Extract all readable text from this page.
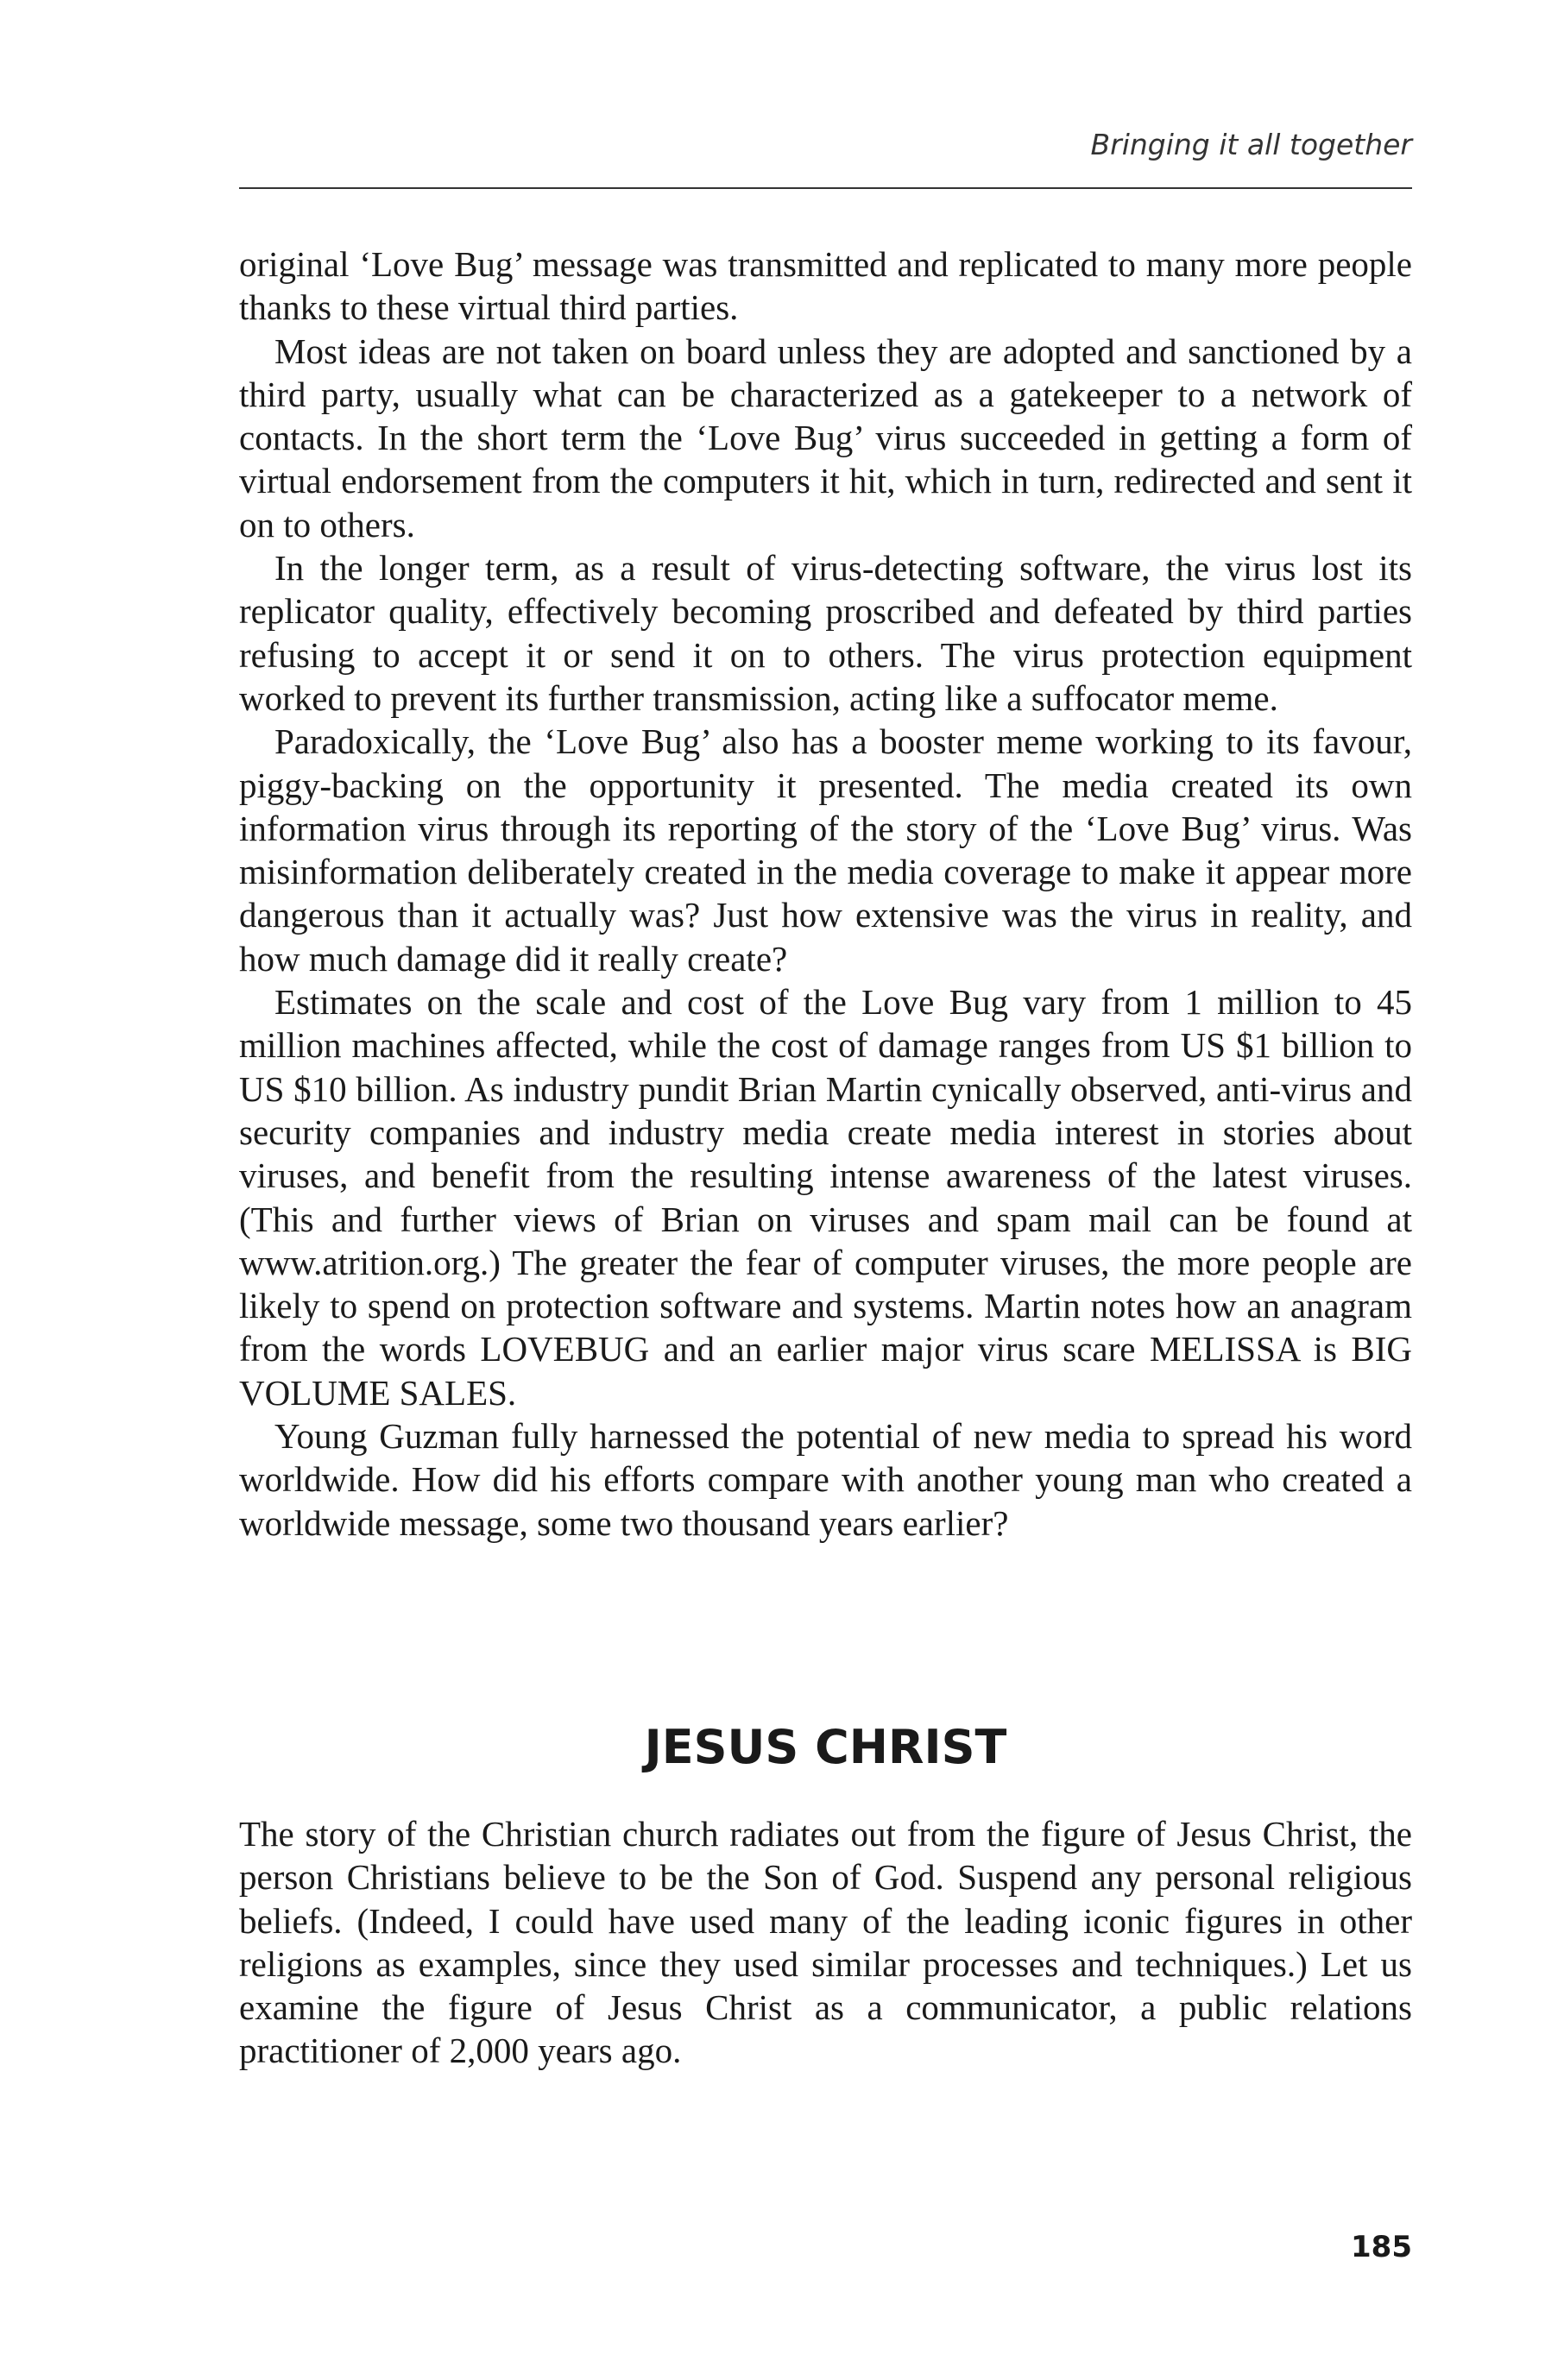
Bringing it all together

original ‘Love Bug’ message was transmitted and replicated to many more people thanks to these virtual third parties.

Most ideas are not taken on board unless they are adopted and sanctioned by a third party, usually what can be characterized as a gatekeeper to a network of contacts. In the short term the ‘Love Bug’ virus succeeded in getting a form of virtual endorsement from the computers it hit, which in turn, redirected and sent it on to others.

In the longer term, as a result of virus-detecting software, the virus lost its replicator quality, effectively becoming proscribed and defeated by third parties refusing to accept it or send it on to others. The virus protection equipment worked to prevent its further transmission, acting like a suffocator meme.

Paradoxically, the ‘Love Bug’ also has a booster meme working to its favour, piggy-backing on the opportunity it presented. The media created its own information virus through its reporting of the story of the ‘Love Bug’ virus. Was misinformation deliberately created in the media coverage to make it appear more dangerous than it actually was? Just how extensive was the virus in reality, and how much damage did it really create?

Estimates on the scale and cost of the Love Bug vary from 1 million to 45 million machines affected, while the cost of damage ranges from US $1 billion to US $10 billion. As industry pundit Brian Martin cynically observed, anti-virus and security companies and industry media create media interest in stories about viruses, and benefit from the resulting intense awareness of the latest viruses. (This and further views of Brian on viruses and spam mail can be found at www.atrition.org.) The greater the fear of computer viruses, the more people are likely to spend on protection software and systems. Martin notes how an anagram from the words LOVEBUG and an earlier major virus scare MELISSA is BIG VOLUME SALES.

Young Guzman fully harnessed the potential of new media to spread his word worldwide. How did his efforts compare with another young man who created a worldwide message, some two thousand years earlier?

JESUS CHRIST

The story of the Christian church radiates out from the figure of Jesus Christ, the person Christians believe to be the Son of God. Suspend any personal religious beliefs. (Indeed, I could have used many of the leading iconic figures in other religions as examples, since they used similar processes and techniques.) Let us examine the figure of Jesus Christ as a communicator, a public relations practitioner of 2,000 years ago.

185
